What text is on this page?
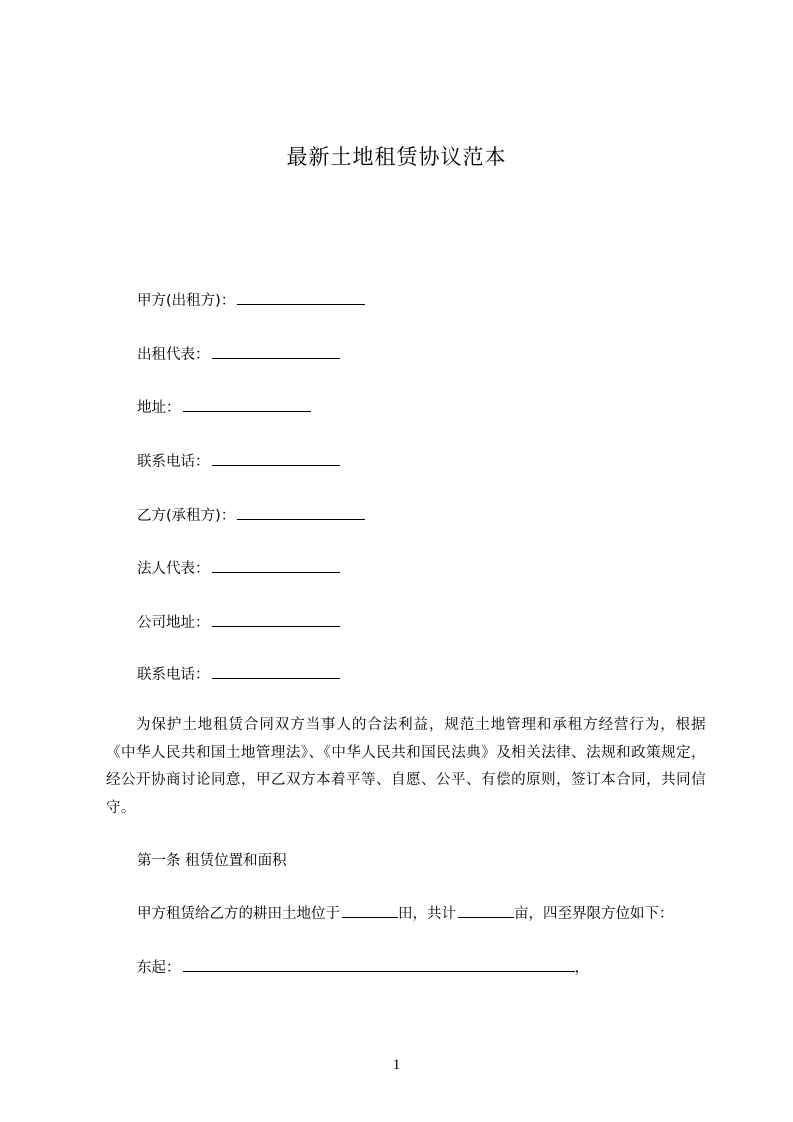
最新土地租赁协议范本
甲方(出租方)：
出租代表：
地址：
联系电话：
乙方(承租方)：
法人代表：
公司地址：
联系电话：
为保护土地租赁合同双方当事人的合法利益，规范土地管理和承租方经营行为，根据《中华人民共和国土地管理法》、《中华人民共和国民法典》及相关法律、法规和政策规定，经公开协商讨论同意，甲乙双方本着平等、自愿、公平、有偿的原则，签订本合同，共同信守。
第一条 租赁位置和面积
甲方租赁给乙方的耕田土地位于	田，共计	亩，四至界限方位如下：
东起：	，
1
